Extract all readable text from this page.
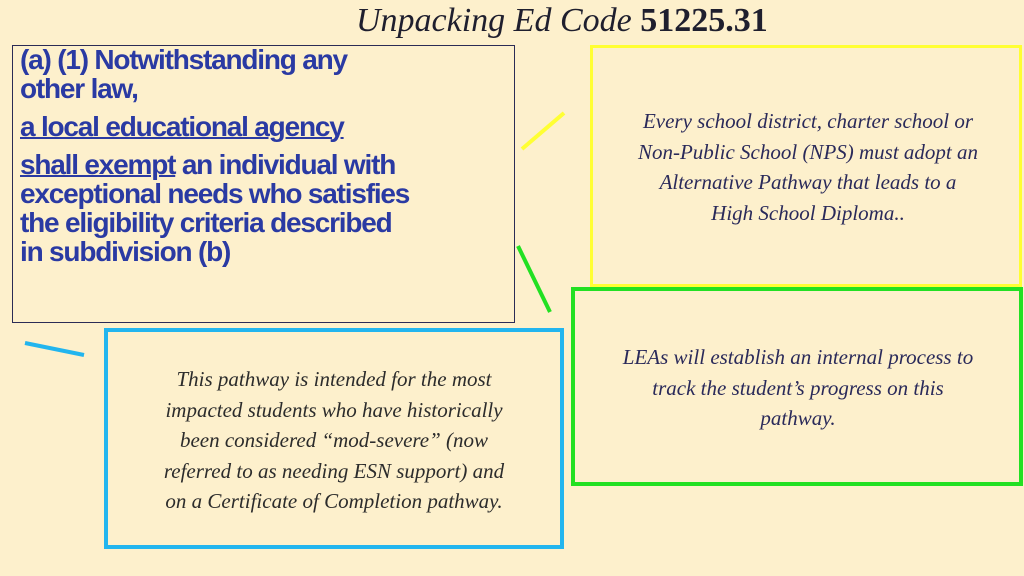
Unpacking Ed Code 51225.31
(a) (1) Notwithstanding any
other law,
a local educational agency
shall exempt an individual with
exceptional needs who satisfies
the eligibility criteria described
in subdivision (b)
Every school district, charter school or
Non-Public School (NPS) must adopt an
Alternative Pathway that leads to a
High School Diploma..
LEAs will establish an internal process to
track the student’s progress on this
pathway.
This pathway is intended for the most
impacted students who have historically
been considered “mod-severe” (now
referred to as needing ESN support) and
on a Certificate of Completion pathway.
